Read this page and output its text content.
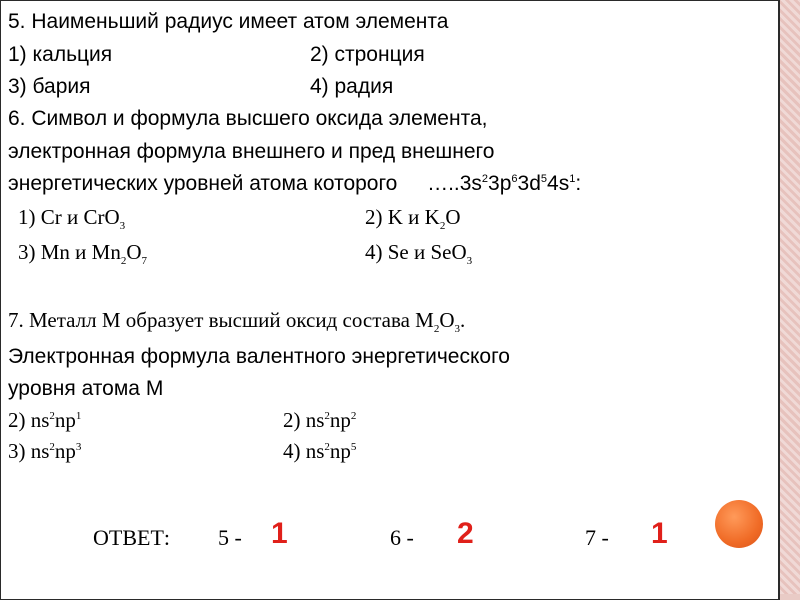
5. Наименьший радиус имеет атом элемента
1) кальция	2) стронция
3) бария	4) радия
6. Символ и формула высшего оксида элемента,
электронная формула внешнего и пред внешнего
энергетических уровней атома которого $\dots..3s^23p^63d^54s^1$:
1) Cr и CrO$_3$	2) K и $K_2O$
3) Mn и $Mn_2O_7$	4) Se и SeO$_3$
7. Металл М образует высший оксид состава $М_2О_3$.
Электронная формула валентного энергетического
уровня атома М
2) $ns^2np^1$	2) $ns^2np^2$
3) $ns^2np^3$	4) $ns^2np^5$
ОТВЕТ: 5 - 1	6 - 2	7 - 1
